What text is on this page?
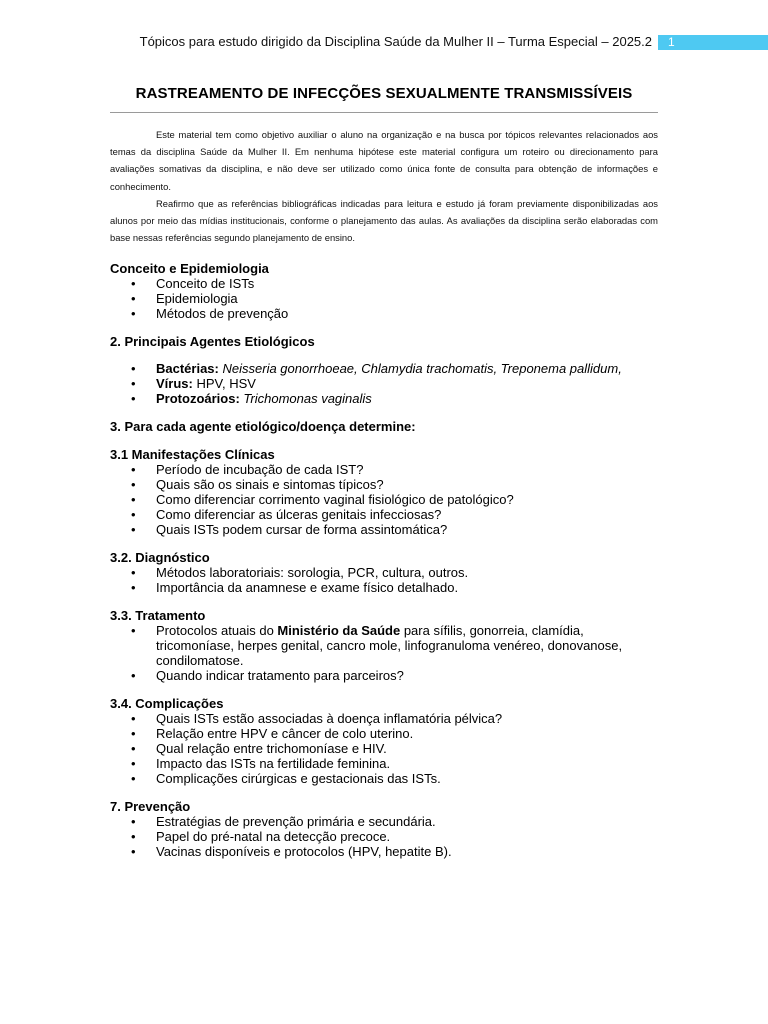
Tópicos para estudo dirigido da Disciplina Saúde da Mulher II – Turma Especial – 2025.2	1
RASTREAMENTO DE INFECÇÕES SEXUALMENTE TRANSMISSÍVEIS

Este material tem como objetivo auxiliar o aluno na organização e na busca por tópicos relevantes relacionados aos temas da disciplina Saúde da Mulher II. Em nenhuma hipótese este material configura um roteiro ou direcionamento para avaliações somativas da disciplina, e não deve ser utilizado como única fonte de consulta para obtenção de informações e conhecimento.

Reafirmo que as referências bibliográficas indicadas para leitura e estudo já foram previamente disponibilizadas aos alunos por meio das mídias institucionais, conforme o planejamento das aulas. As avaliações da disciplina serão elaboradas com base nessas referências segundo planejamento de ensino.

Conceito e Epidemiologia
• Conceito de ISTs
• Epidemiologia
• Métodos de prevenção
2. Principais Agentes Etiológicos
• Bactérias: Neisseria gonorrhoeae, Chlamydia trachomatis, Treponema pallidum,
• Vírus: HPV, HSV
• Protozoários: Trichomonas vaginalis
3. Para cada agente etiológico/doença determine:
3.1 Manifestações Clínicas
• Período de incubação de cada IST?
• Quais são os sinais e sintomas típicos?
• Como diferenciar corrimento vaginal fisiológico de patológico?
• Como diferenciar as úlceras genitais infecciosas?
• Quais ISTs podem cursar de forma assintomática?
3.2. Diagnóstico
• Métodos laboratoriais: sorologia, PCR, cultura, outros.
• Importância da anamnese e exame físico detalhado.
3.3. Tratamento
• Protocolos atuais do Ministério da Saúde para sífilis, gonorreia, clamídia, tricomoníase, herpes genital, cancro mole, linfogranuloma venéreo, donovanose, condilomatose.
• Quando indicar tratamento para parceiros?
3.4. Complicações
• Quais ISTs estão associadas à doença inflamatória pélvica?
• Relação entre HPV e câncer de colo uterino.
• Qual relação entre trichomoníase e HIV.
• Impacto das ISTs na fertilidade feminina.
• Complicações cirúrgicas e gestacionais das ISTs.
7. Prevenção
• Estratégias de prevenção primária e secundária.
• Papel do pré-natal na detecção precoce.
• Vacinas disponíveis e protocolos (HPV, hepatite B).
